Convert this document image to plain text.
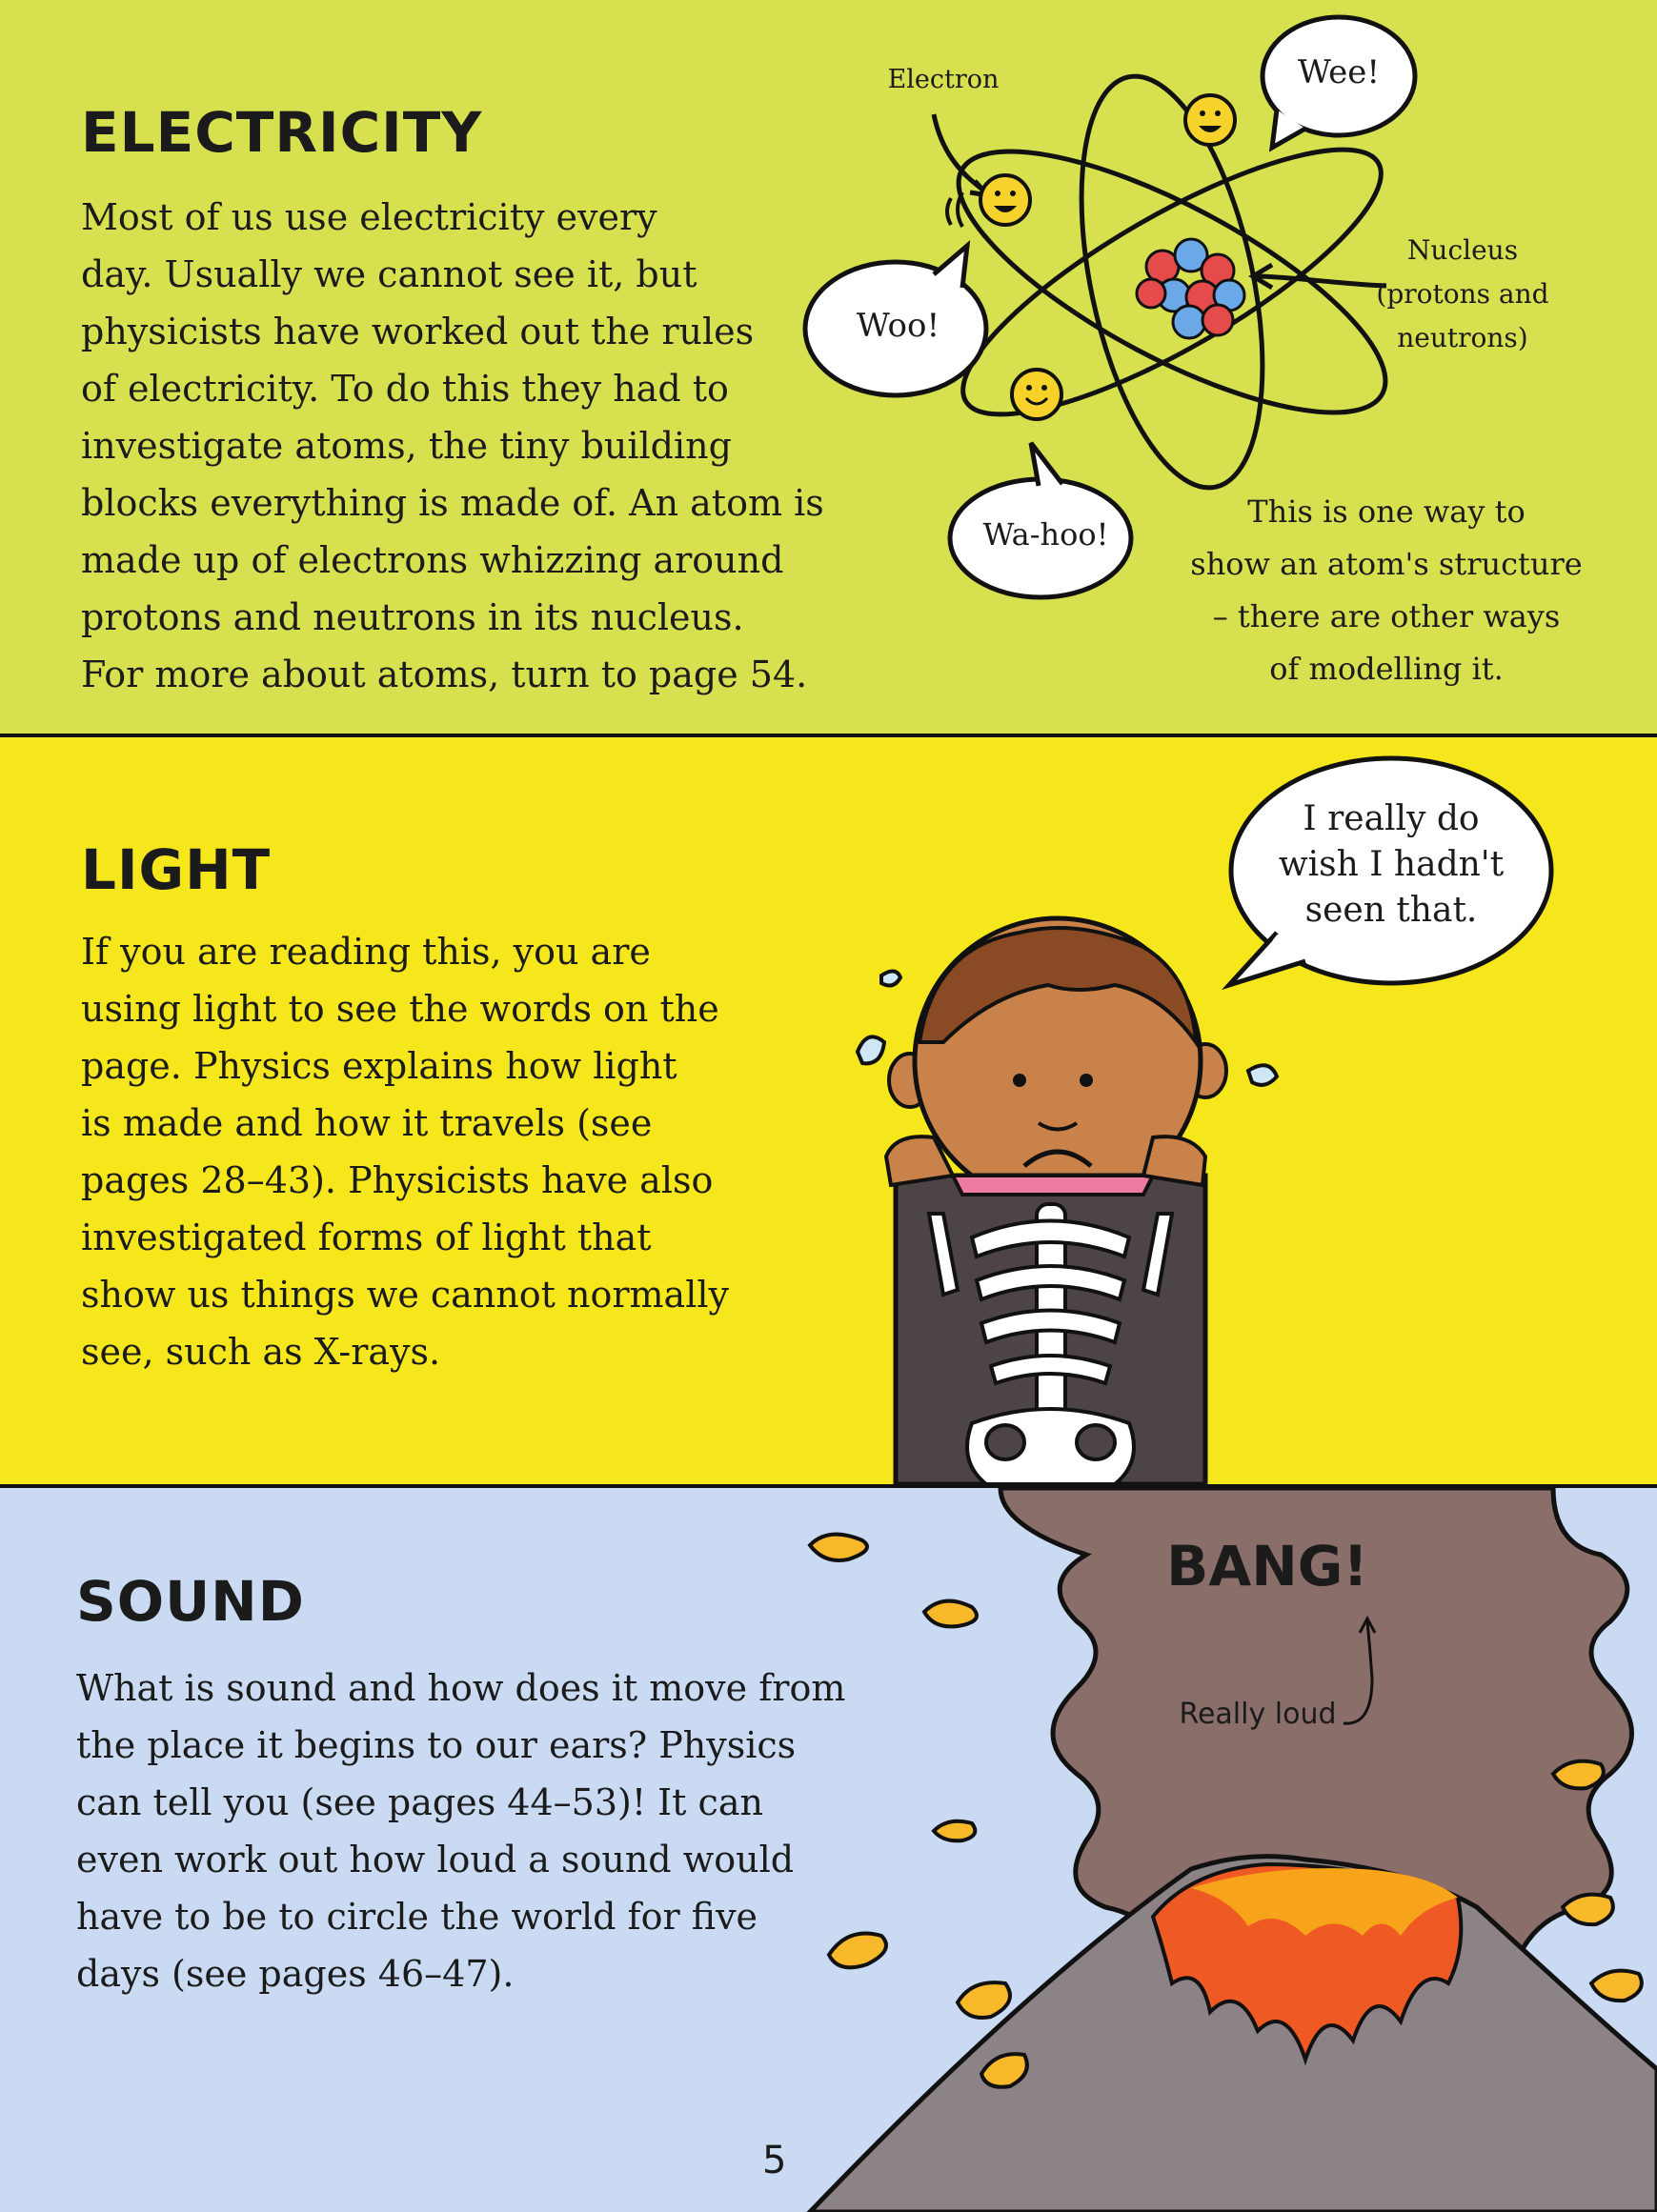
ELECTRICITY
Most of us use electricity every
day. Usually we cannot see it, but
physicists have worked out the rules
of electricity. To do this they had to
investigate atoms, the tiny building
blocks everything is made of. An atom is
made up of electrons whizzing around
protons and neutrons in its nucleus.
For more about atoms, turn to page 54.
Electron	Wee!
Woo!
Wa-hoo!
Nucleus
(protons and
neutrons)
This is one way to
show an atom's structure
– there are other ways
of modelling it.
LIGHT
If you are reading this, you are
using light to see the words on the
page. Physics explains how light
is made and how it travels (see
pages 28–43). Physicists have also
investigated forms of light that
show us things we cannot normally
see, such as X-rays.
I really do
wish I hadn't
seen that.
SOUND
What is sound and how does it move from
the place it begins to our ears? Physics
can tell you (see pages 44–53)! It can
even work out how loud a sound would
have to be to circle the world for five
days (see pages 46–47).
BANG!
Really loud
5
